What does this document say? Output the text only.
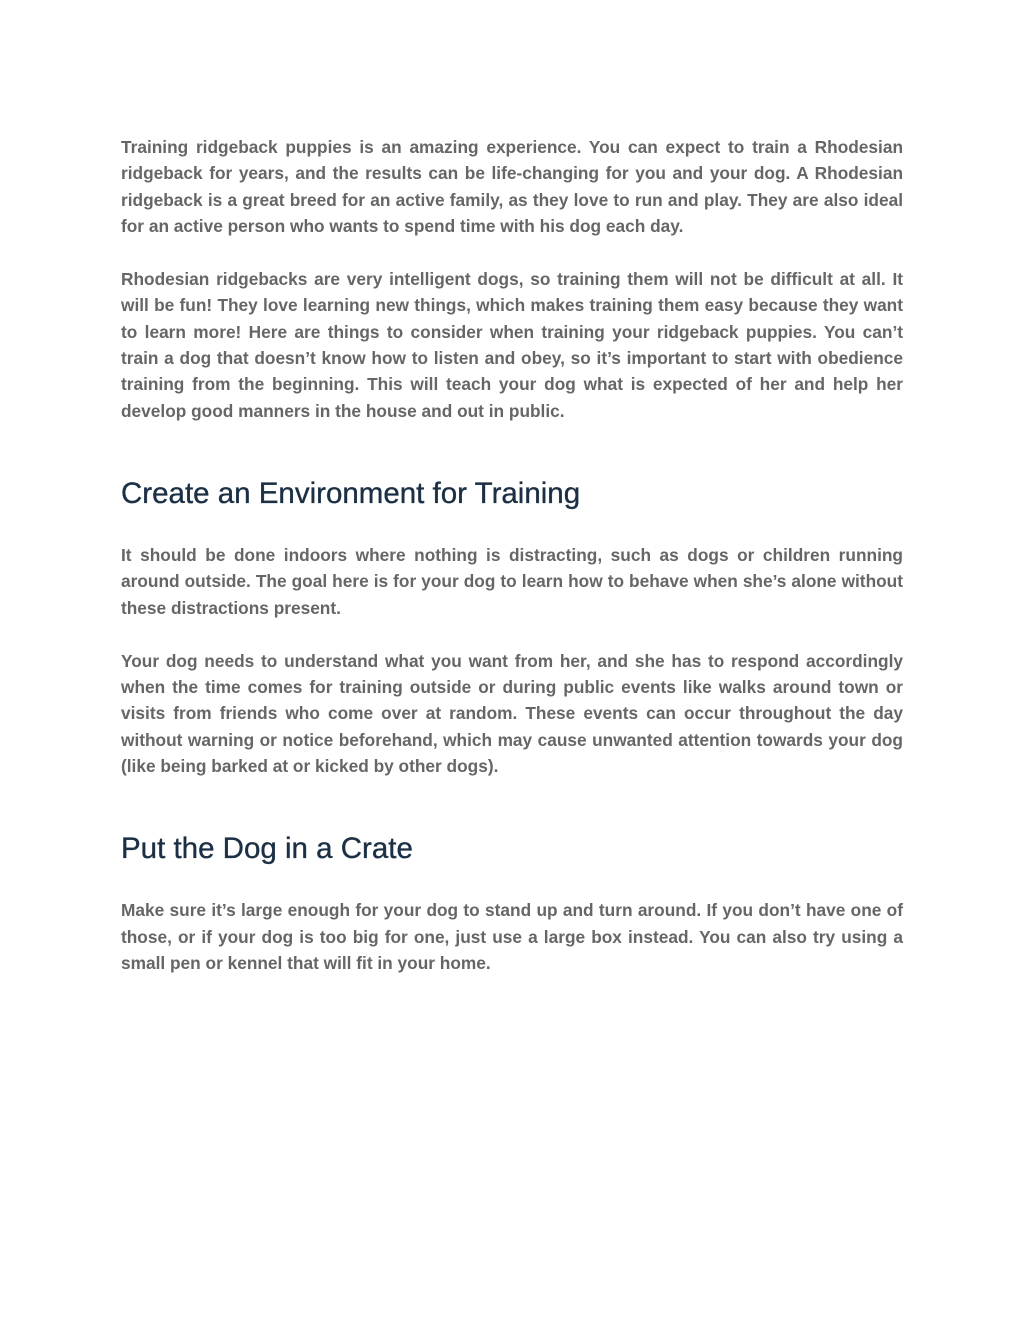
Training ridgeback puppies is an amazing experience. You can expect to train a Rhodesian ridgeback for years, and the results can be life-changing for you and your dog. A Rhodesian ridgeback is a great breed for an active family, as they love to run and play. They are also ideal for an active person who wants to spend time with his dog each day.

Rhodesian ridgebacks are very intelligent dogs, so training them will not be difficult at all. It will be fun! They love learning new things, which makes training them easy because they want to learn more! Here are things to consider when training your ridgeback puppies. You can’t train a dog that doesn’t know how to listen and obey, so it’s important to start with obedience training from the beginning. This will teach your dog what is expected of her and help her develop good manners in the house and out in public.

Create an Environment for Training

It should be done indoors where nothing is distracting, such as dogs or children running around outside. The goal here is for your dog to learn how to behave when she’s alone without these distractions present.

Your dog needs to understand what you want from her, and she has to respond accordingly when the time comes for training outside or during public events like walks around town or visits from friends who come over at random. These events can occur throughout the day without warning or notice beforehand, which may cause unwanted attention towards your dog (like being barked at or kicked by other dogs).

Put the Dog in a Crate

Make sure it’s large enough for your dog to stand up and turn around. If you don’t have one of those, or if your dog is too big for one, just use a large box instead. You can also try using a small pen or kennel that will fit in your home.
